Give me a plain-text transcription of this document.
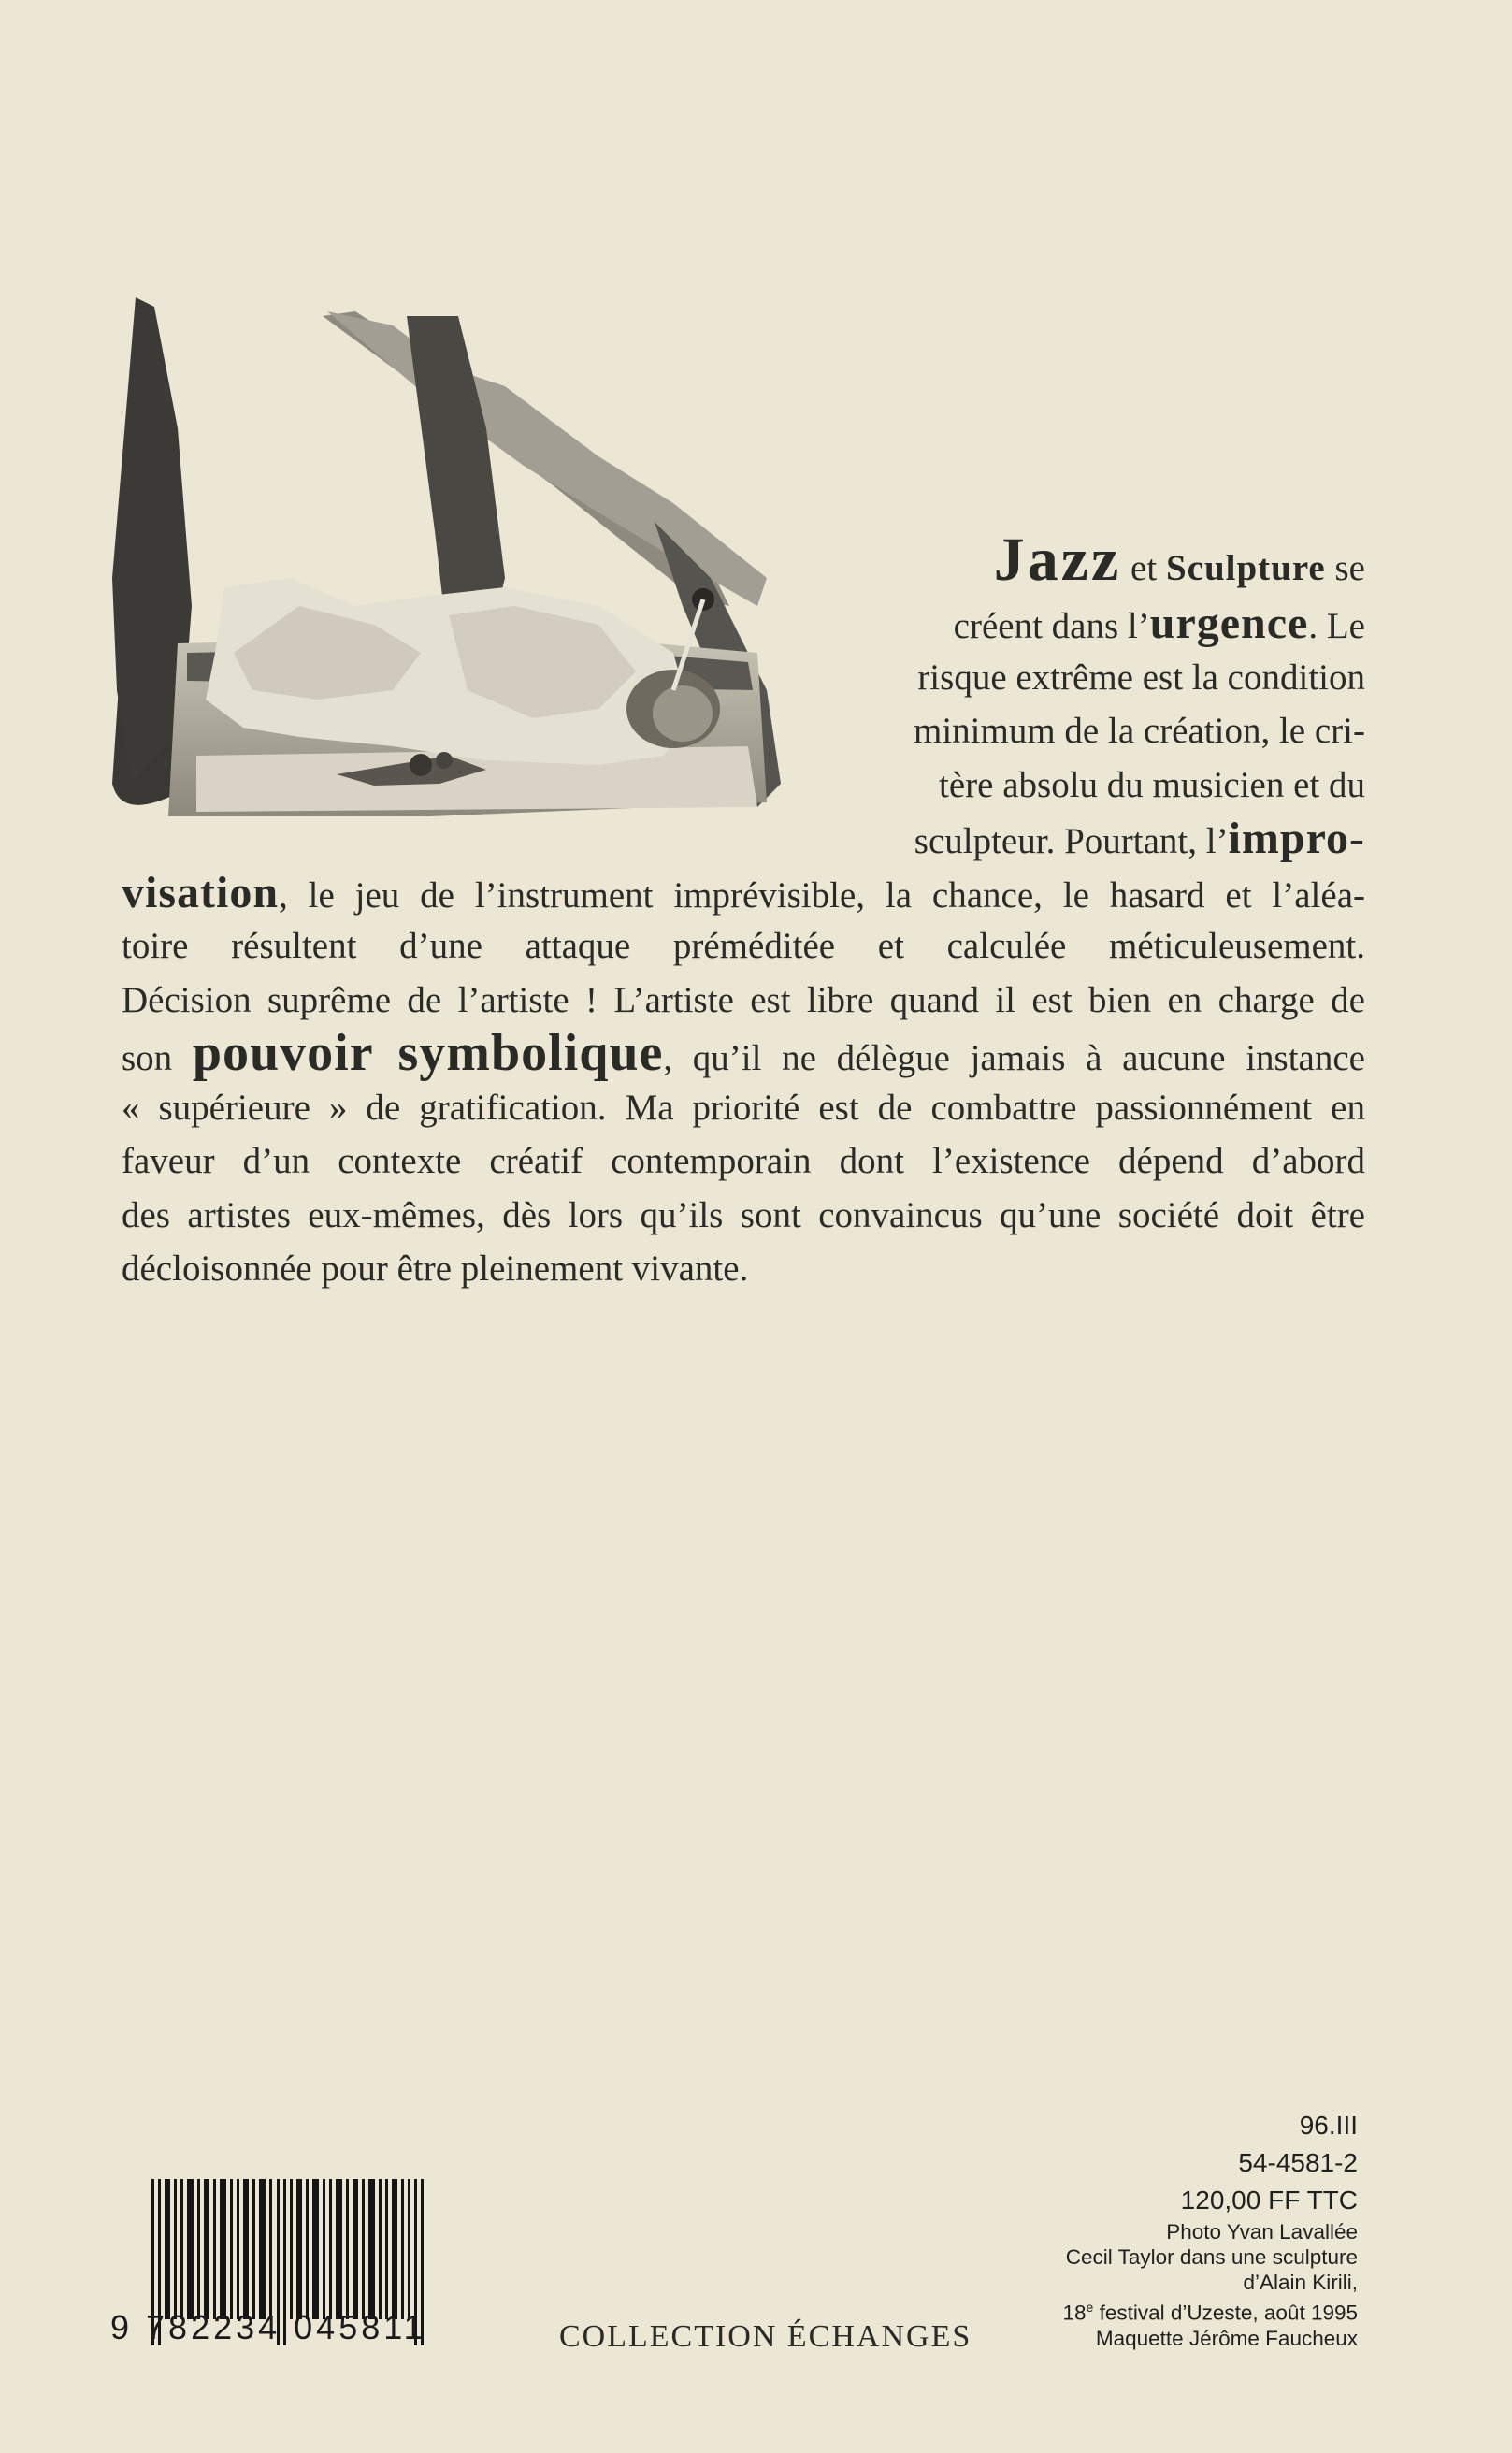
Jazz et Sculpture se
créent dans l’urgence. Le
risque extrême est la condition
minimum de la création, le cri-
tère absolu du musicien et du
sculpteur. Pourtant, l’impro-
visation, le jeu de l’instrument imprévisible, la chance, le hasard et l’aléa-
toire résultent d’une attaque préméditée et calculée méticuleusement.
Décision suprême de l’artiste ! L’artiste est libre quand il est bien en charge de
son pouvoir symbolique, qu’il ne délègue jamais à aucune instance
« supérieure » de gratification. Ma priorité est de combattre passionnément en
faveur d’un contexte créatif contemporain dont l’existence dépend d’abord
des artistes eux-mêmes, dès lors qu’ils sont convaincus qu’une société doit être
décloisonnée pour être pleinement vivante.
9 782234 045811	COLLECTION ÉCHANGES
96.III
54-4581-2
120,00 FF TTC
Photo Yvan Lavallée
Cecil Taylor dans une sculpture
d’Alain Kirili,
18e festival d’Uzeste, août 1995
Maquette Jérôme Faucheux
